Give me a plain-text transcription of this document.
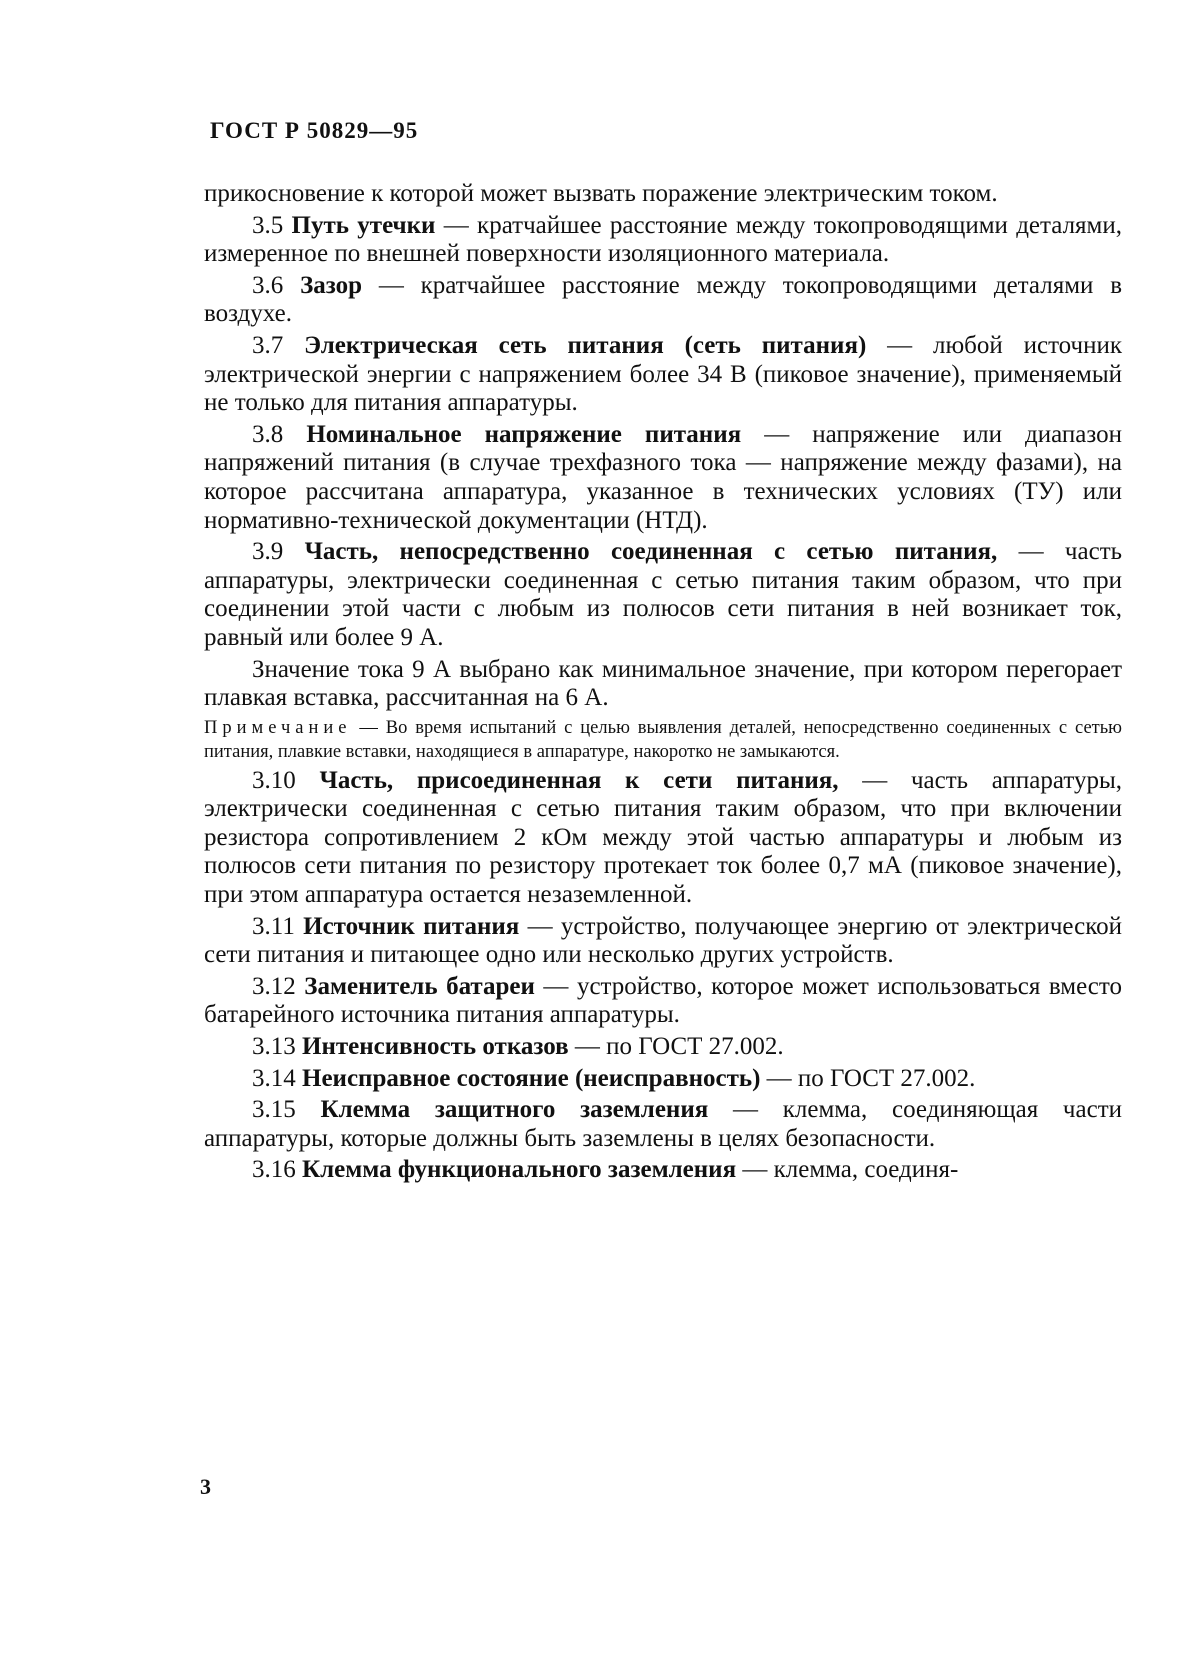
ГОСТ Р 50829—95

прикосновение к которой может вызвать поражение электрическим током.

3.5 Путь утечки — кратчайшее расстояние между токопроводящими деталями, измеренное по внешней поверхности изоляционного материала.

3.6 Зазор — кратчайшее расстояние между токопроводящими деталями в воздухе.

3.7 Электрическая сеть питания (сеть питания) — любой источник электрической энергии с напряжением более 34 В (пиковое значение), применяемый не только для питания аппаратуры.

3.8 Номинальное напряжение питания — напряжение или диапазон напряжений питания (в случае трехфазного тока — напряжение между фазами), на которое рассчитана аппаратура, указанное в технических условиях (ТУ) или нормативно-технической документации (НТД).

3.9 Часть, непосредственно соединенная с сетью питания, — часть аппаратуры, электрически соединенная с сетью питания таким образом, что при соединении этой части с любым из полюсов сети питания в ней возникает ток, равный или более 9 А.

Значение тока 9 А выбрано как минимальное значение, при котором перегорает плавкая вставка, рассчитанная на 6 А.

Примечание — Во время испытаний с целью выявления деталей, непосредственно соединенных с сетью питания, плавкие вставки, находящиеся в аппаратуре, накоротко не замыкаются.

3.10 Часть, присоединенная к сети питания, — часть аппаратуры, электрически соединенная с сетью питания таким образом, что при включении резистора сопротивлением 2 кОм между этой частью аппаратуры и любым из полюсов сети питания по резистору протекает ток более 0,7 мА (пиковое значение), при этом аппаратура остается незаземленной.

3.11 Источник питания — устройство, получающее энергию от электрической сети питания и питающее одно или несколько других устройств.

3.12 Заменитель батареи — устройство, которое может использоваться вместо батарейного источника питания аппаратуры.

3.13 Интенсивность отказов — по ГОСТ 27.002.

3.14 Неисправное состояние (неисправность) — по ГОСТ 27.002.

3.15 Клемма защитного заземления — клемма, соединяющая части аппаратуры, которые должны быть заземлены в целях безопасности.

3.16 Клемма функционального заземления — клемма, соединя-

3
